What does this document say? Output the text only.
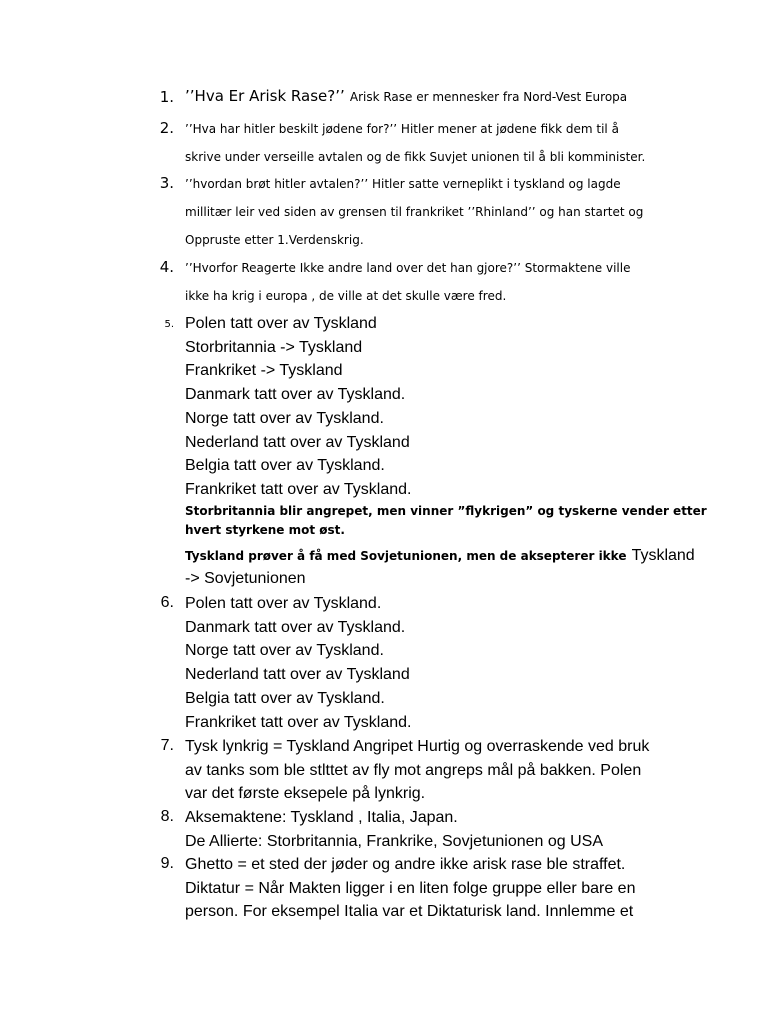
1. ’’Hva Er Arisk Rase?’’ Arisk Rase er mennesker fra Nord-Vest Europa
2. ’’Hva har hitler beskilt jødene for?’’ Hitler mener at jødene fikk dem til å
skrive under verseille avtalen og de fikk Suvjet unionen til å bli komminister.
3. ’’hvordan brøt hitler avtalen?’’ Hitler satte verneplikt i tyskland og lagde
millitær leir ved siden av grensen til frankriket ’’Rhinland’’ og han startet og
Oppruste etter 1.Verdenskrig.
4. ’’Hvorfor Reagerte Ikke andre land over det han gjore?’’ Stormaktene ville
ikke ha krig i europa , de ville at det skulle være fred.
5. Polen tatt over av Tyskland
Storbritannia -> Tyskland
Frankriket -> Tyskland
Danmark tatt over av Tyskland.
Norge tatt over av Tyskland.
Nederland tatt over av Tyskland
Belgia tatt over av Tyskland.
Frankriket tatt over av Tyskland.
Storbritannia blir angrepet, men vinner ”flykrigen” og tyskerne vender etter
hvert styrkene mot øst.
Tyskland prøver å få med Sovjetunionen, men de aksepterer ikke Tyskland
-> Sovjetunionen
6. Polen tatt over av Tyskland.
Danmark tatt over av Tyskland.
Norge tatt over av Tyskland.
Nederland tatt over av Tyskland
Belgia tatt over av Tyskland.
Frankriket tatt over av Tyskland.
7. Tysk lynkrig = Tyskland Angripet Hurtig og overraskende ved bruk
av tanks som ble stlttet av fly mot angreps mål på bakken. Polen
var det første eksepele på lynkrig.
8. Aksemaktene: Tyskland , Italia, Japan.
De Allierte: Storbritannia, Frankrike, Sovjetunionen og USA
9. Ghetto = et sted der jøder og andre ikke arisk rase ble straffet.
Diktatur = Når Makten ligger i en liten folge gruppe eller bare en
person. For eksempel Italia var et Diktaturisk land. Innlemme et
